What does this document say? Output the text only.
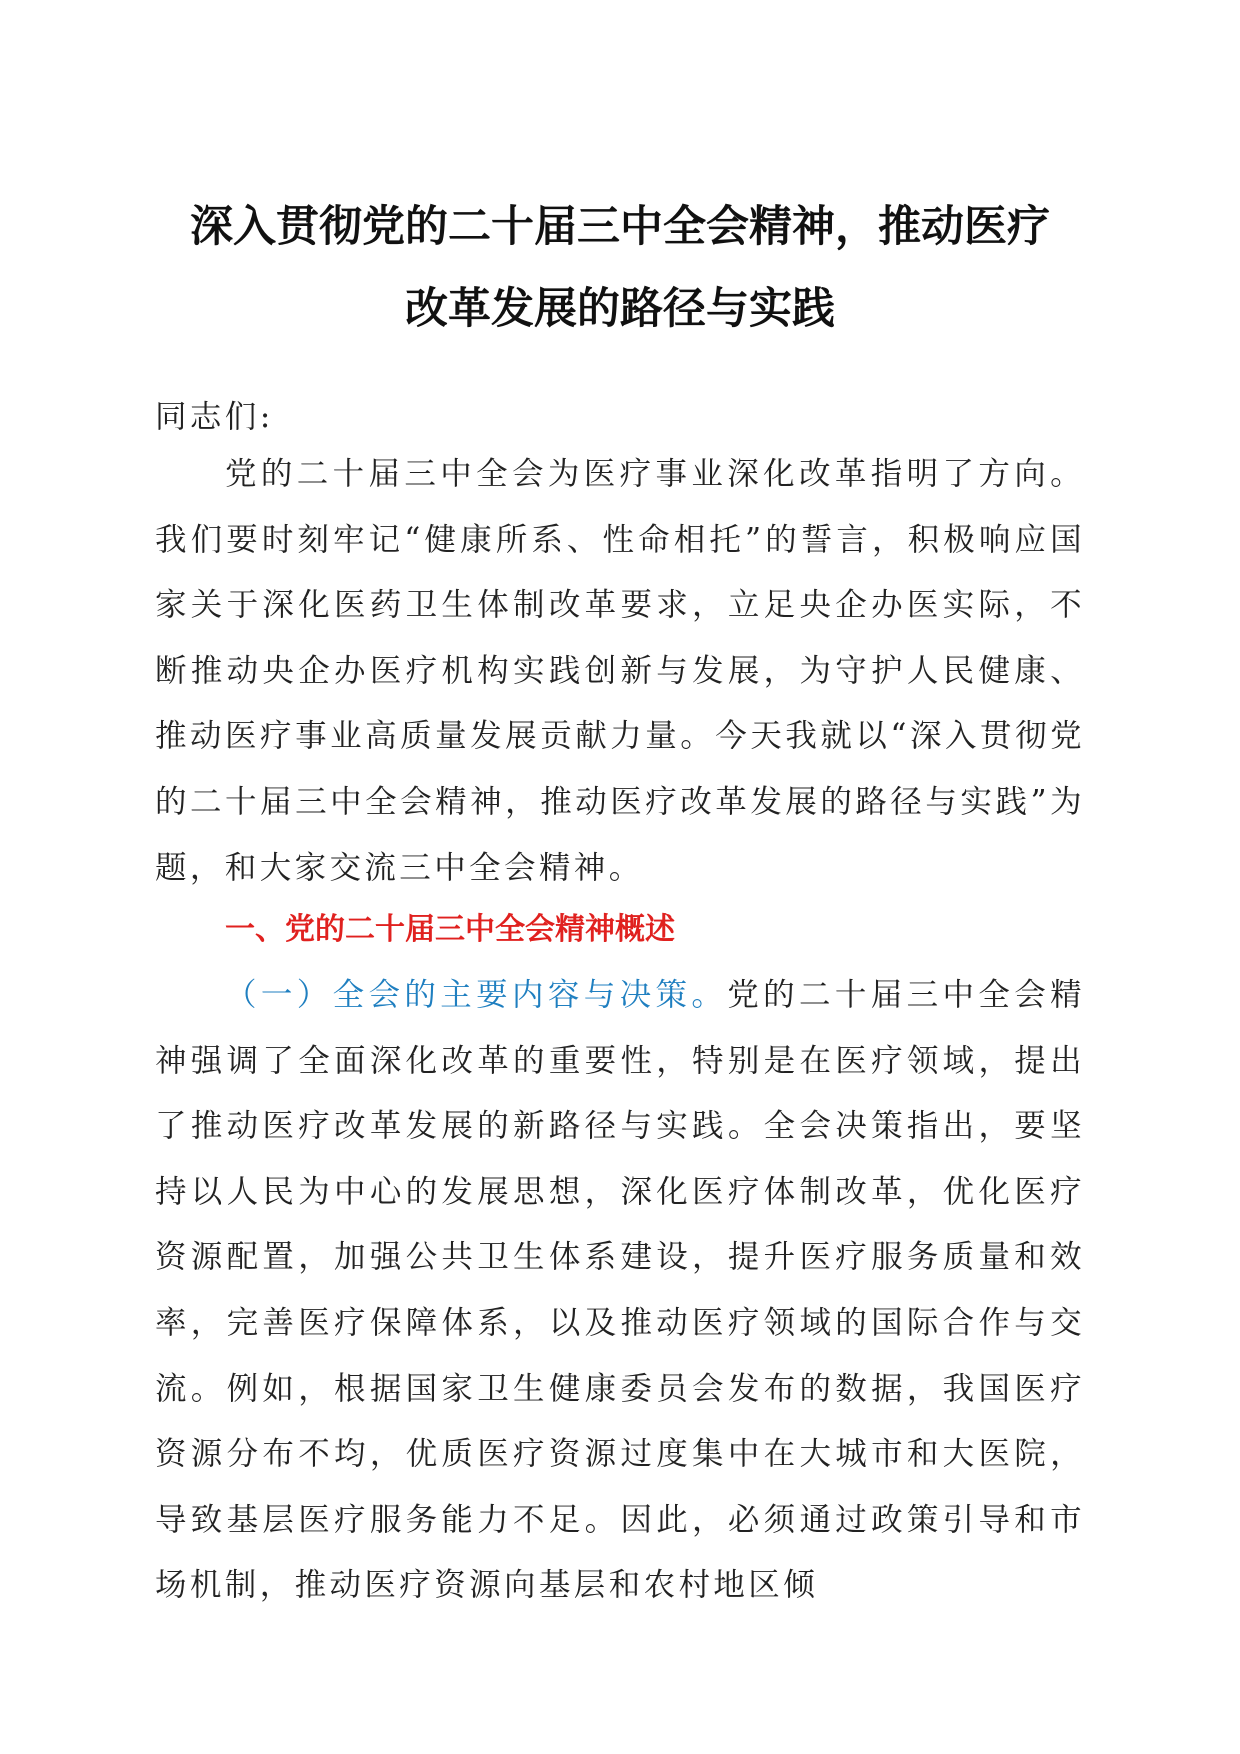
深入贯彻党的二十届三中全会精神，推动医疗
改革发展的路径与实践
同志们:

党的二十届三中全会为医疗事业深化改革指明了方向。我们要时刻牢记“健康所系、性命相托”的誓言，积极响应国家关于深化医药卫生体制改革要求，立足央企办医实际，不断推动央企办医疗机构实践创新与发展，为守护人民健康、推动医疗事业高质量发展贡献力量。今天我就以“深入贯彻党的二十届三中全会精神，推动医疗改革发展的路径与实践”为题，和大家交流三中全会精神。

一、党的二十届三中全会精神概述

（一）全会的主要内容与决策。党的二十届三中全会精神强调了全面深化改革的重要性，特别是在医疗领域，提出了推动医疗改革发展的新路径与实践。全会决策指出，要坚持以人民为中心的发展思想，深化医疗体制改革，优化医疗资源配置，加强公共卫生体系建设，提升医疗服务质量和效率，完善医疗保障体系，以及推动医疗领域的国际合作与交流。例如，根据国家卫生健康委员会发布的数据，我国医疗资源分布不均，优质医疗资源过度集中在大城市和大医院，导致基层医疗服务能力不足。因此，必须通过政策引导和市场机制，推动医疗资源向基层和农村地区倾
